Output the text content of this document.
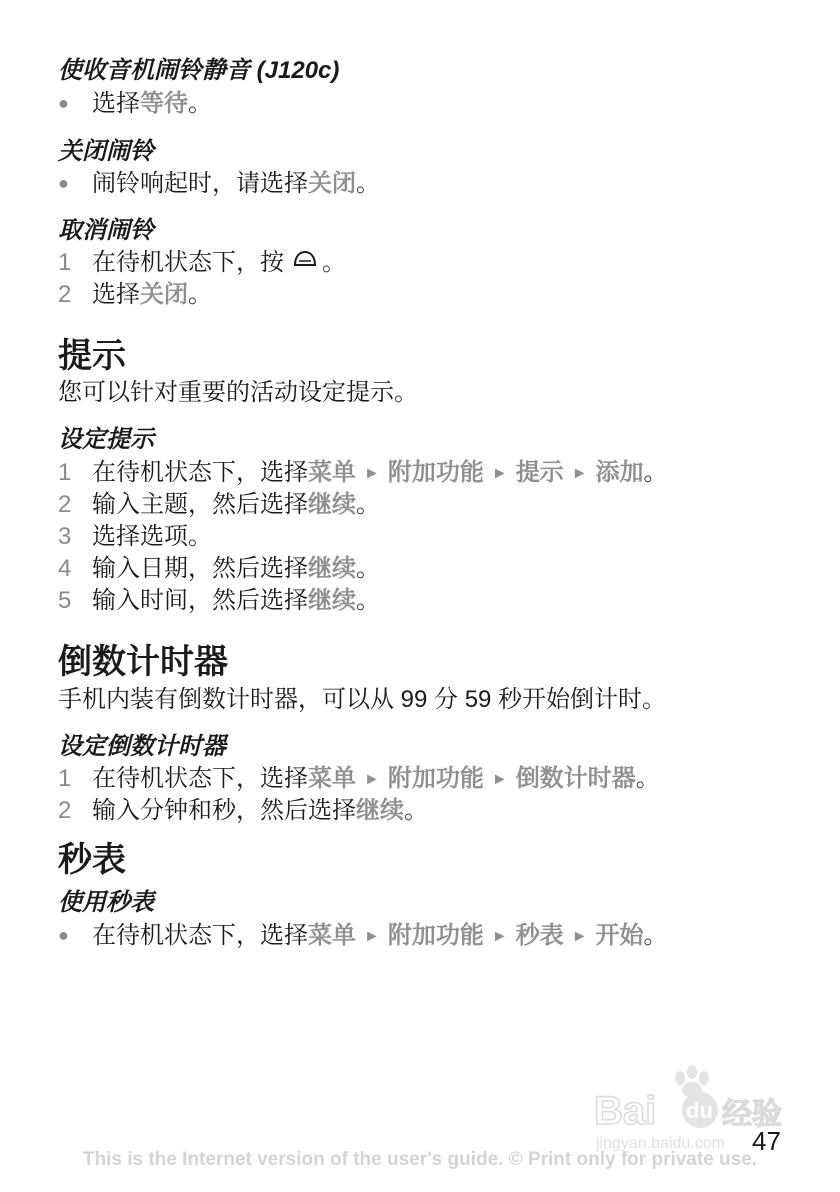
使收音机闹铃静音 (J120c)
● 选择等待。
关闭闹铃
● 闹铃响起时，请选择关闭。
取消闹铃
1 在待机状态下，按 。
2 选择关闭。
提示
您可以针对重要的活动设定提示。
设定提示
1 在待机状态下，选择菜单 ► 附加功能 ► 提示 ► 添加。
2 输入主题，然后选择继续。
3 选择选项。
4 输入日期，然后选择继续。
5 输入时间，然后选择继续。
倒数计时器
手机内装有倒数计时器，可以从 99 分 59 秒开始倒计时。
设定倒数计时器
1 在待机状态下，选择菜单 ► 附加功能 ► 倒数计时器。
2 输入分钟和秒，然后选择继续。
秒表
使用秒表
● 在待机状态下，选择菜单 ► 附加功能 ► 秒表 ► 开始。
Bai du 经验
jingyan.baidu.com 47
This is the Internet version of the user's guide. © Print only for private use.
